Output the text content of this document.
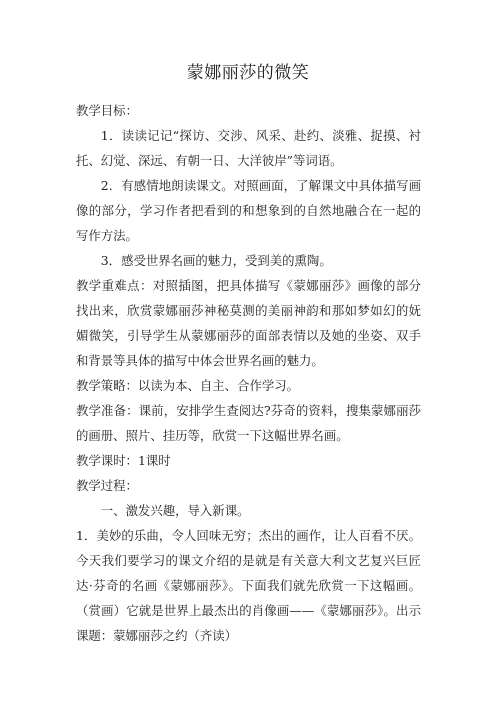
蒙娜丽莎的微笑

教学目标：

1．读读记记“探访、交涉、风采、赴约、淡雅、捉摸、衬托、幻觉、深远、有朝一日、大洋彼岸”等词语。

2．有感情地朗读课文。对照画面，了解课文中具体描写画像的部分，学习作者把看到的和想象到的自然地融合在一起的写作方法。

3．感受世界名画的魅力，受到美的熏陶。

教学重难点：对照插图，把具体描写《蒙娜丽莎》画像的部分找出来，欣赏蒙娜丽莎神秘莫测的美丽神韵和那如梦如幻的妩媚微笑，引导学生从蒙娜丽莎的面部表情以及她的坐姿、双手和背景等具体的描写中体会世界名画的魅力。

教学策略：以读为本、自主、合作学习。

教学准备：课前，安排学生查阅达?芬奇的资料，搜集蒙娜丽莎的画册、照片、挂历等，欣赏一下这幅世界名画。

教学课时：1课时

教学过程：

一、激发兴趣，导入新课。

1．美妙的乐曲，令人回味无穷；杰出的画作，让人百看不厌。今天我们要学习的课文介绍的是就是有关意大利文艺复兴巨匠达·芬奇的名画《蒙娜丽莎》。下面我们就先欣赏一下这幅画。（赏画）它就是世界上最杰出的肖像画——《蒙娜丽莎》。出示课题：蒙娜丽莎之约（齐读）
